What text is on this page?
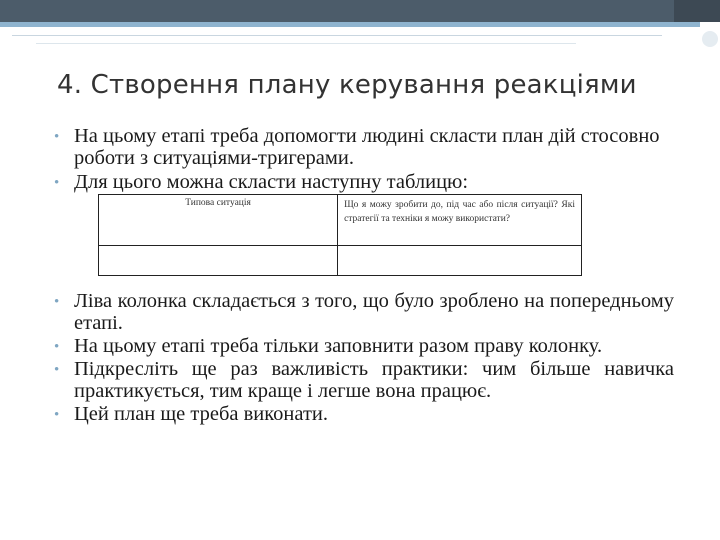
4. Створення плану керування реакціями
• На цьому етапі треба допомогти людині скласти план дій стосовно роботи з ситуаціями-тригерами.
• Для цього можна скласти наступну таблицю:
Типова ситуація	Що я можу зробити до, під час або після ситуації? Які стратегії та техніки я можу використати?

• Ліва колонка складається з того, що було зроблено на попередньому етапі.
• На цьому етапі треба тільки заповнити разом праву колонку.
• Підкресліть ще раз важливість практики: чим більше навичка практикується, тим краще і легше вона працює.
• Цей план ще треба виконати.
